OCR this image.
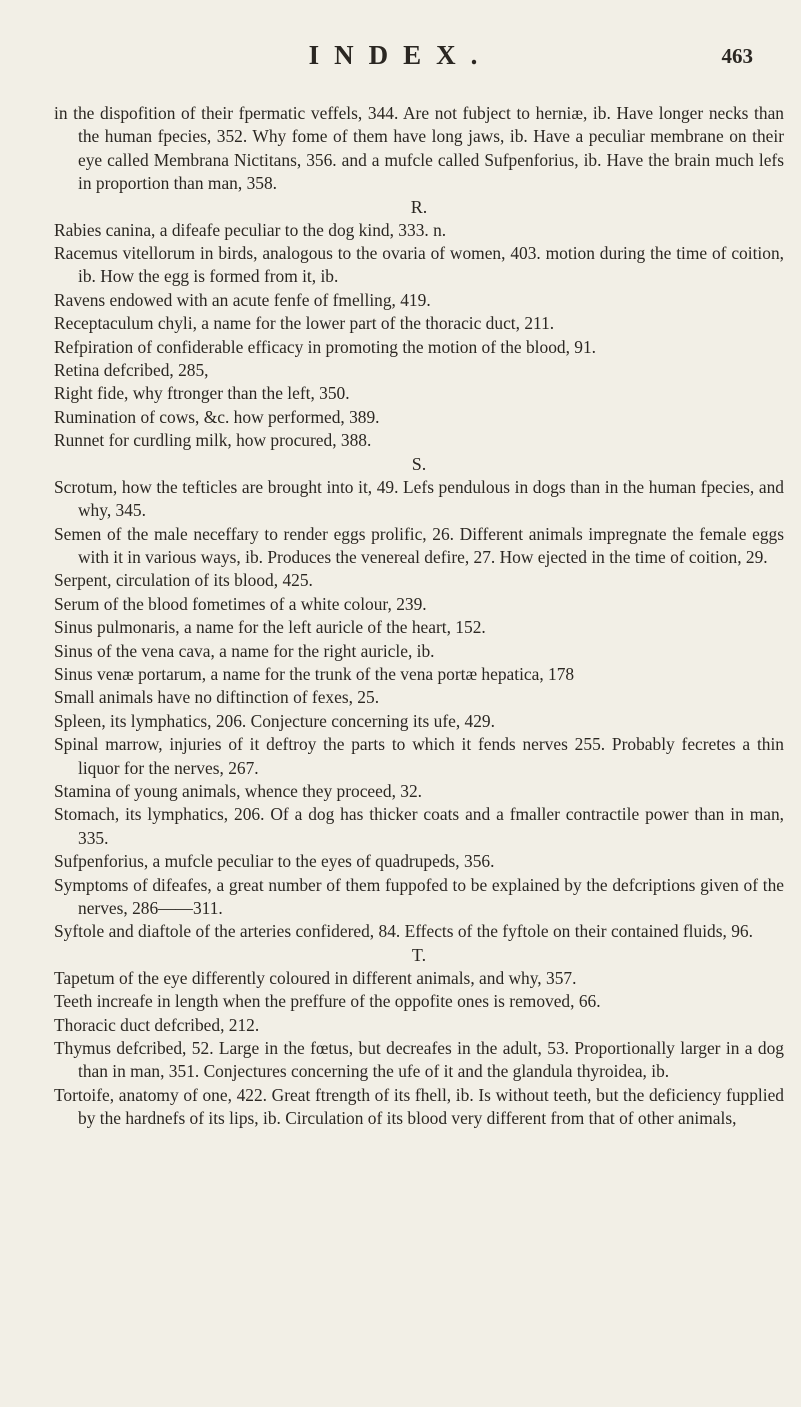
INDEX.	463
in the dispofition of their fpermatic veffels, 344. Are not fubject to herniæ, ib. Have longer necks than the human fpecies, 352. Why fome of them have long jaws, ib. Have a peculiar membrane on their eye called Membrana Nictitans, 356. and a mufcle called Sufpenforius, ib. Have the brain much lefs in proportion than man, 358.
R.
Rabies canina, a difeafe peculiar to the dog kind, 333. n.
Racemus vitellorum in birds, analogous to the ovaria of women, 403. motion during the time of coition, ib. How the egg is formed from it, ib.
Ravens endowed with an acute fenfe of fmelling, 419.
Receptaculum chyli, a name for the lower part of the thoracic duct, 211.
Refpiration of confiderable efficacy in promoting the motion of the blood, 91.
Retina defcribed, 285,
Right fide, why ftronger than the left, 350.
Rumination of cows, &c. how performed, 389.
Runnet for curdling milk, how procured, 388.
S.
Scrotum, how the tefticles are brought into it, 49. Lefs pendulous in dogs than in the human fpecies, and why, 345.
Semen of the male neceffary to render eggs prolific, 26. Different animals impregnate the female eggs with it in various ways, ib. Produces the venereal defire, 27. How ejected in the time of coition, 29.
Serpent, circulation of its blood, 425.
Serum of the blood fometimes of a white colour, 239.
Sinus pulmonaris, a name for the left auricle of the heart, 152.
Sinus of the vena cava, a name for the right auricle, ib.
Sinus venæ portarum, a name for the trunk of the vena portæ hepatica, 178
Small animals have no diftinction of fexes, 25.
Spleen, its lymphatics, 206. Conjecture concerning its ufe, 429.
Spinal marrow, injuries of it deftroy the parts to which it fends nerves 255. Probably fecretes a thin liquor for the nerves, 267.
Stamina of young animals, whence they proceed, 32.
Stomach, its lymphatics, 206. Of a dog has thicker coats and a fmaller contractile power than in man, 335.
Sufpenforius, a mufcle peculiar to the eyes of quadrupeds, 356.
Symptoms of difeafes, a great number of them fuppofed to be explained by the defcriptions given of the nerves, 286——311.
Syftole and diaftole of the arteries confidered, 84. Effects of the fyftole on their contained fluids, 96.
T.
Tapetum of the eye differently coloured in different animals, and why, 357.
Teeth increafe in length when the preffure of the oppofite ones is removed, 66.
Thoracic duct defcribed, 212.
Thymus defcribed, 52. Large in the fœtus, but decreafes in the adult, 53. Proportionally larger in a dog than in man, 351. Conjectures concerning the ufe of it and the glandula thyroidea, ib.
Tortoife, anatomy of one, 422. Great ftrength of its fhell, ib. Is without teeth, but the deficiency fupplied by the hardnefs of its lips, ib. Circulation of its blood very different from that of other animals,
